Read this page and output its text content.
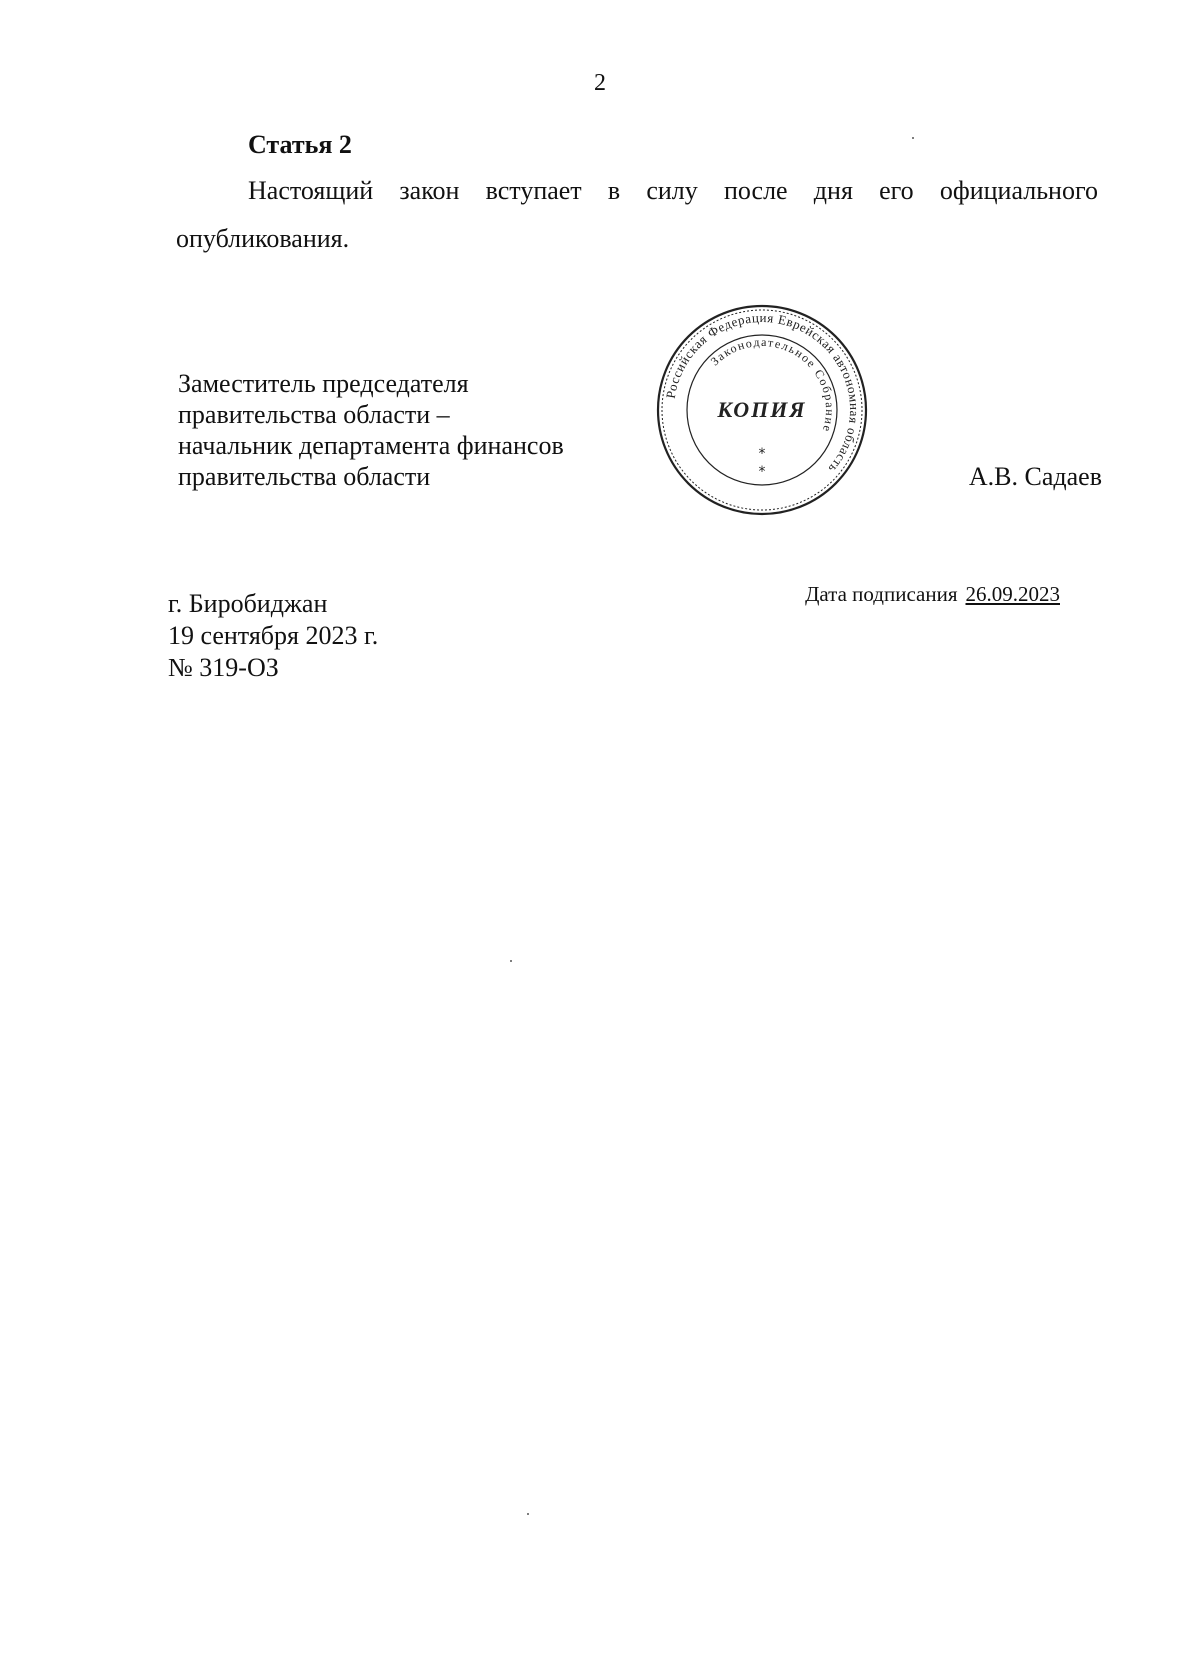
2
Статья 2
Настоящий закон вступает в силу после дня его официального
опубликования.
Заместитель председателя
правительства области –
начальник департамента финансов
правительства области
Российская Федерация Еврейская автономная область
Законодательное Собрание
КОПИЯ
*
*	А.В. Садаев
г. Биробиджан
19 сентября 2023 г.
№ 319-ОЗ
Дата подписания 26.09.2023
